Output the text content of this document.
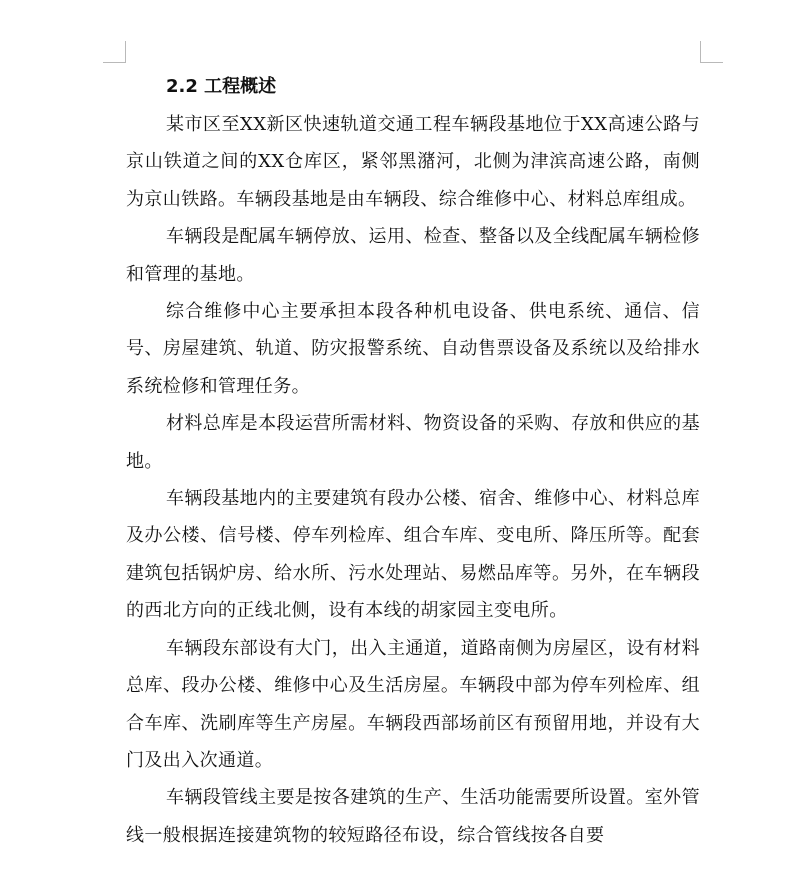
2.2 工程概述

某市区至XX新区快速轨道交通工程车辆段基地位于XX高速公路与京山铁道之间的XX仓库区，紧邻黑潴河，北侧为津滨高速公路，南侧为京山铁路。车辆段基地是由车辆段、综合维修中心、材料总库组成。

车辆段是配属车辆停放、运用、检查、整备以及全线配属车辆检修和管理的基地。

综合维修中心主要承担本段各种机电设备、供电系统、通信、信号、房屋建筑、轨道、防灾报警系统、自动售票设备及系统以及给排水系统检修和管理任务。

材料总库是本段运营所需材料、物资设备的采购、存放和供应的基地。

车辆段基地内的主要建筑有段办公楼、宿舍、维修中心、材料总库及办公楼、信号楼、停车列检库、组合车库、变电所、降压所等。配套建筑包括锅炉房、给水所、污水处理站、易燃品库等。另外，在车辆段的西北方向的正线北侧，设有本线的胡家园主变电所。

车辆段东部设有大门，出入主通道，道路南侧为房屋区，设有材料总库、段办公楼、维修中心及生活房屋。车辆段中部为停车列检库、组合车库、洗刷库等生产房屋。车辆段西部场前区有预留用地，并设有大门及出入次通道。

车辆段管线主要是按各建筑的生产、生活功能需要所设置。室外管线一般根据连接建筑物的较短路径布设，综合管线按各自要
